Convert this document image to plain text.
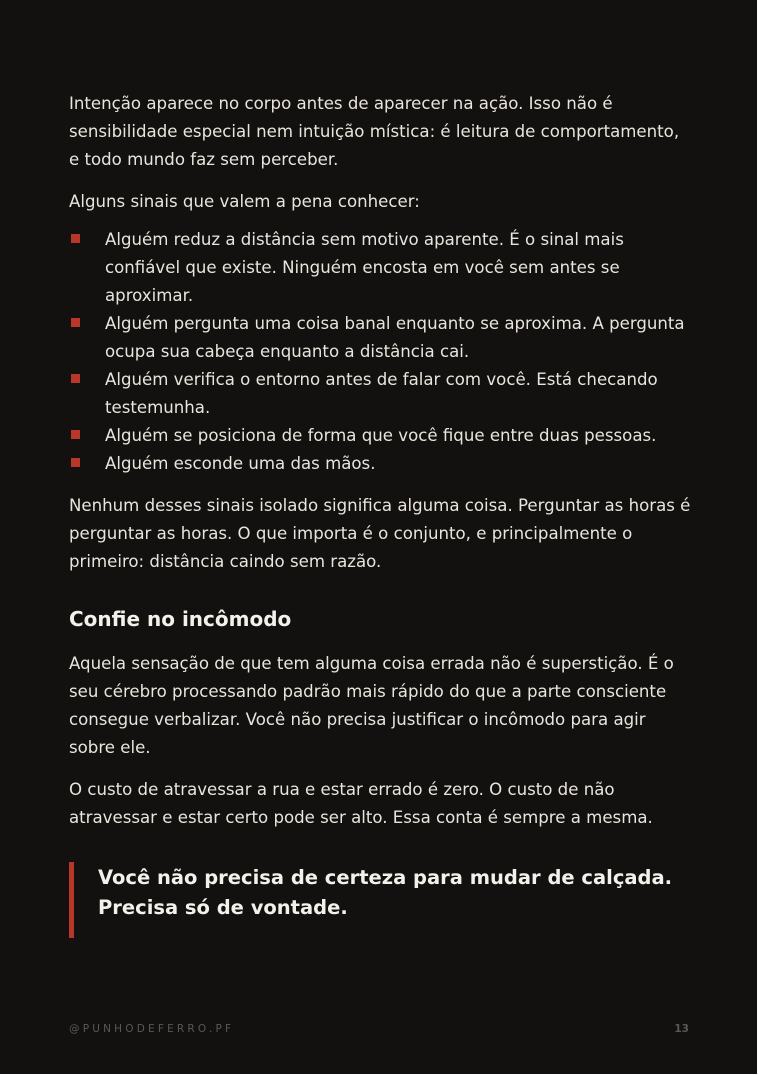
Intenção aparece no corpo antes de aparecer na ação. Isso não é sensibilidade especial nem intuição mística: é leitura de comportamento, e todo mundo faz sem perceber.

Alguns sinais que valem a pena conhecer:

Alguém reduz a distância sem motivo aparente. É o sinal mais confiável que existe. Ninguém encosta em você sem antes se aproximar.
Alguém pergunta uma coisa banal enquanto se aproxima. A pergunta ocupa sua cabeça enquanto a distância cai.
Alguém verifica o entorno antes de falar com você. Está checando testemunha.
Alguém se posiciona de forma que você fique entre duas pessoas.
Alguém esconde uma das mãos.

Nenhum desses sinais isolado significa alguma coisa. Perguntar as horas é perguntar as horas. O que importa é o conjunto, e principalmente o primeiro: distância caindo sem razão.

Confie no incômodo

Aquela sensação de que tem alguma coisa errada não é superstição. É o seu cérebro processando padrão mais rápido do que a parte consciente consegue verbalizar. Você não precisa justificar o incômodo para agir sobre ele.

O custo de atravessar a rua e estar errado é zero. O custo de não atravessar e estar certo pode ser alto. Essa conta é sempre a mesma.

Você não precisa de certeza para mudar de calçada. Precisa só de vontade.

@PUNHODEFERRO.PF	13
